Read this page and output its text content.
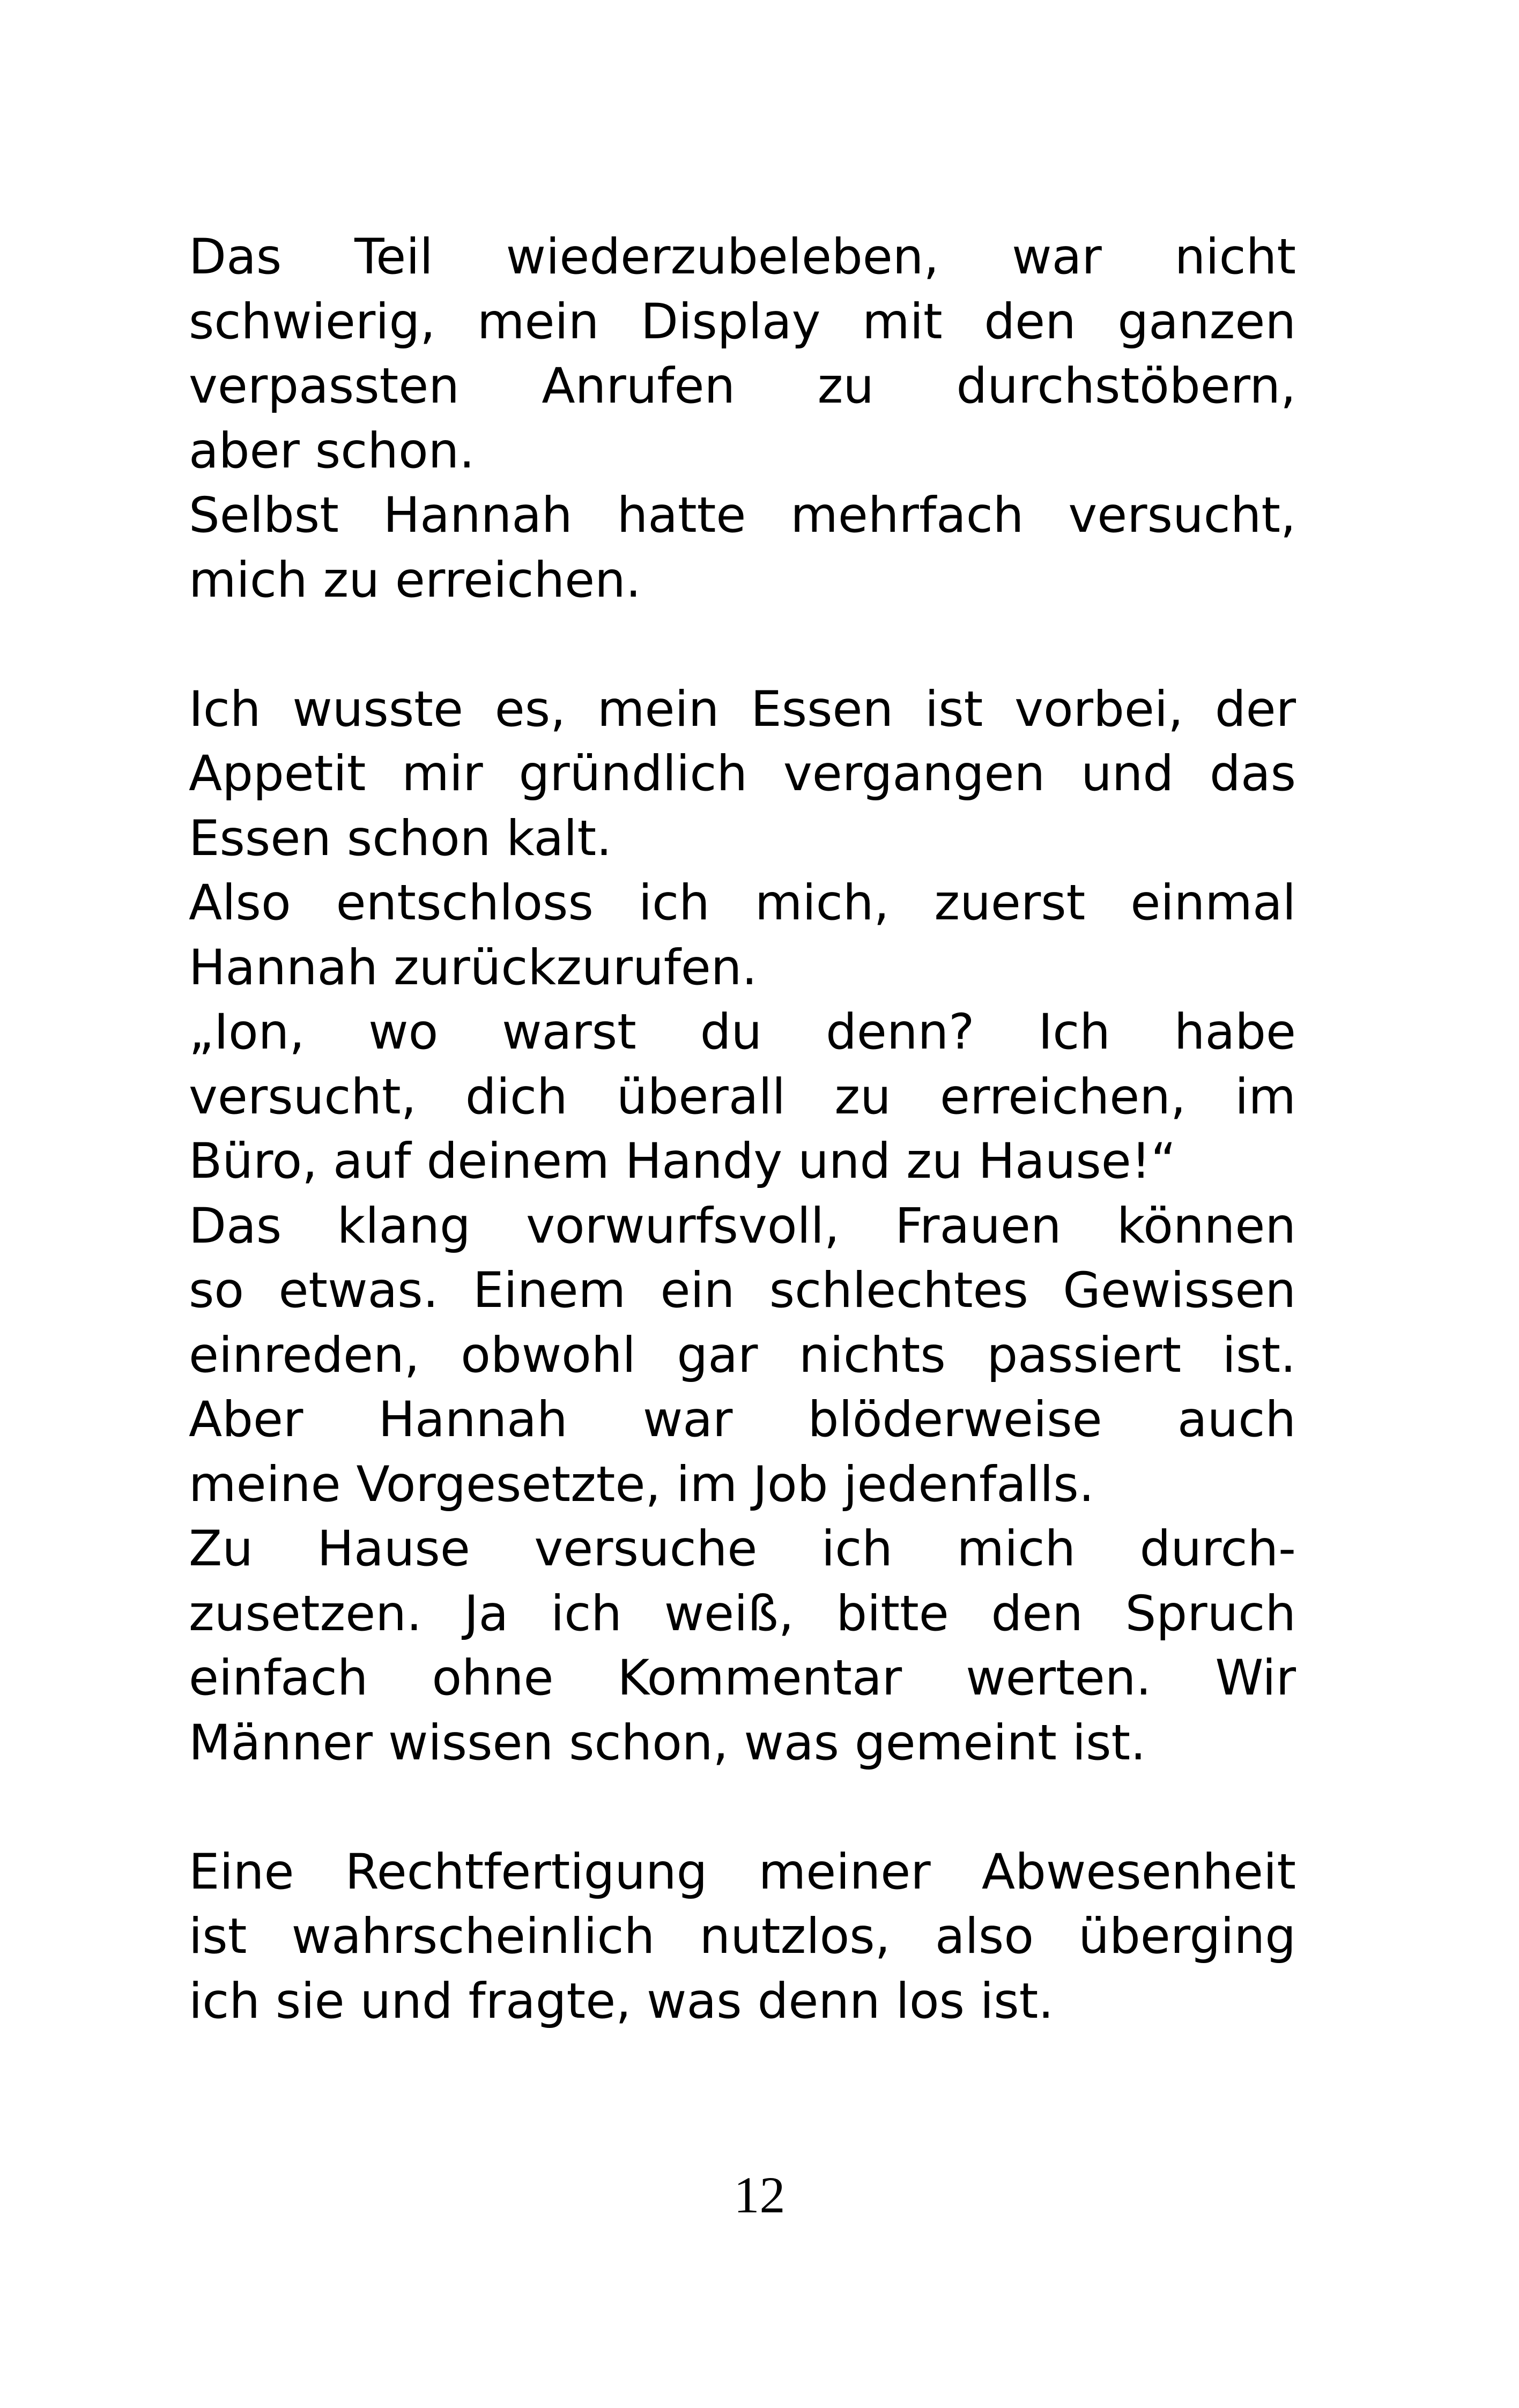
Das Teil wiederzubeleben, war nicht
schwierig, mein Display mit den ganzen
verpassten Anrufen zu durchstöbern,
aber schon.
Selbst Hannah hatte mehrfach versucht,
mich zu erreichen.
Ich wusste es, mein Essen ist vorbei, der
Appetit mir gründlich vergangen und das
Essen schon kalt.
Also entschloss ich mich, zuerst einmal
Hannah zurückzurufen.
„Ion, wo warst du denn? Ich habe
versucht, dich überall zu erreichen, im
Büro, auf deinem Handy und zu Hause!“
Das klang vorwurfsvoll, Frauen können
so etwas. Einem ein schlechtes Gewissen
einreden, obwohl gar nichts passiert ist.
Aber Hannah war blöderweise auch
meine Vorgesetzte, im Job jedenfalls.
Zu Hause versuche ich mich durch-
zusetzen. Ja ich weiß, bitte den Spruch
einfach ohne Kommentar werten. Wir
Männer wissen schon, was gemeint ist.
Eine Rechtfertigung meiner Abwesenheit
ist wahrscheinlich nutzlos, also überging
ich sie und fragte, was denn los ist.
12
